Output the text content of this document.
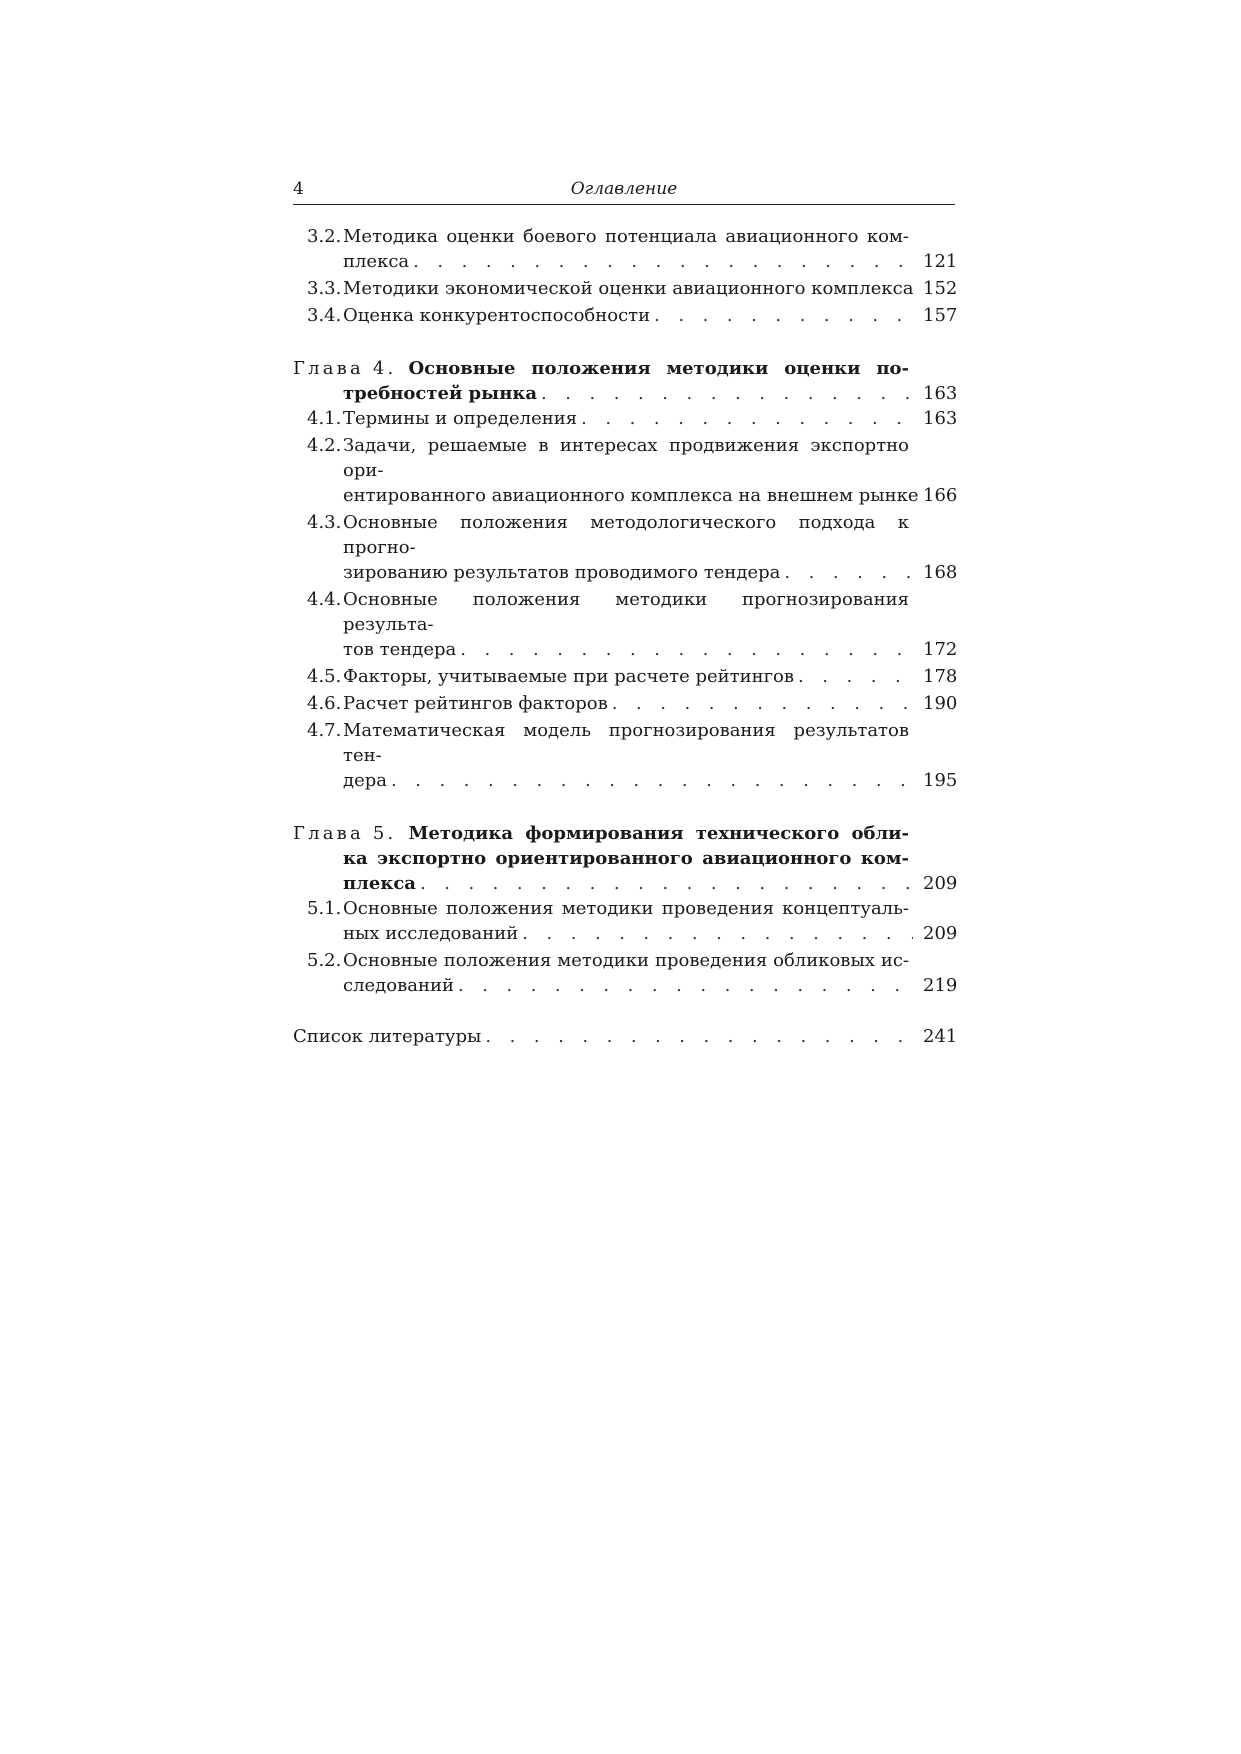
4	Оглавление
3.2. Методика оценки боевого потенциала авиационного ком-
плекса . . .	121
3.3. Методики экономической оценки авиационного комплекса 152
3.4. Оценка конкурентоспособности . . .	157
Глава 4. Основные положения методики оценки по-
требностей рынка . . .	163
4.1. Термины и определения . . .	163
4.2. Задачи, решаемые в интересах продвижения экспортно ори-
ентированного авиационного комплекса на внешнем рынке 166
4.3. Основные положения методологического подхода к прогно-
зированию результатов проводимого тендера . . .	168
4.4. Основные положения методики прогнозирования результа-
тов тендера . . .	172
4.5. Факторы, учитываемые при расчете рейтингов . . .	178
4.6. Расчет рейтингов факторов . . .	190
4.7. Математическая модель прогнозирования результатов тен-
дера . . .	195
Глава 5. Методика формирования технического обли-
ка экспортно ориентированного авиационного ком-
плекса . . .	209
5.1. Основные положения методики проведения концептуаль-
ных исследований . . .	209
5.2. Основные положения методики проведения обликовых ис-
следований . . .	219
Список литературы . . .	241
